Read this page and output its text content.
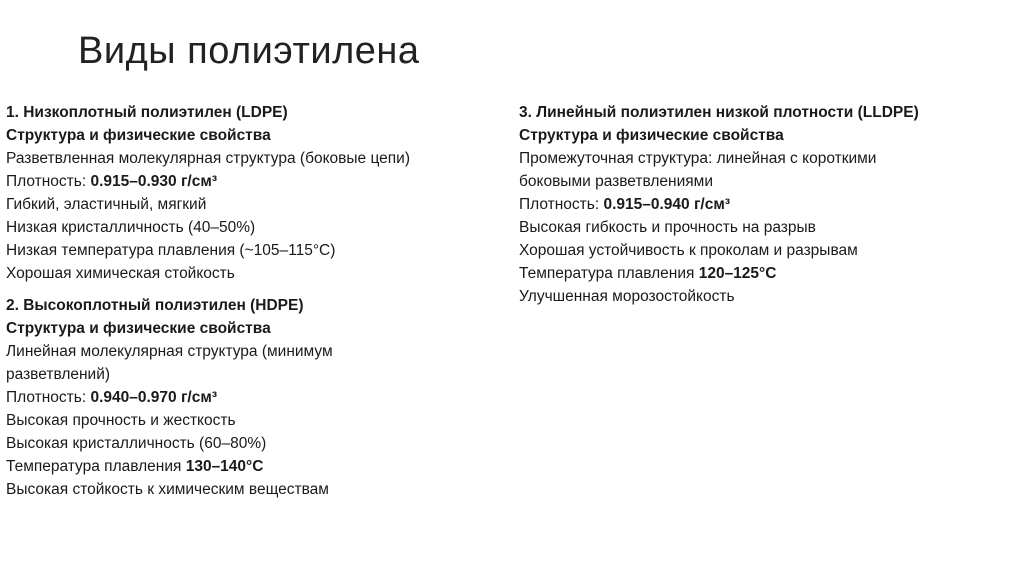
Виды полиэтилена
1. Низкоплотный полиэтилен (LDPE)
Структура и физические свойства
Разветвленная молекулярная структура (боковые цепи)
Плотность: 0.915–0.930 г/см³
Гибкий, эластичный, мягкий
Низкая кристалличность (40–50%)
Низкая температура плавления (~105–115°C)
Хорошая химическая стойкость
2. Высокоплотный полиэтилен (HDPE)
Структура и физические свойства
Линейная молекулярная структура (минимум
разветвлений)
Плотность: 0.940–0.970 г/см³
Высокая прочность и жесткость
Высокая кристалличность (60–80%)
Температура плавления 130–140°C
Высокая стойкость к химическим веществам
3. Линейный полиэтилен низкой плотности (LLDPE)
Структура и физические свойства
Промежуточная структура: линейная с короткими
боковыми разветвлениями
Плотность: 0.915–0.940 г/см³
Высокая гибкость и прочность на разрыв
Хорошая устойчивость к проколам и разрывам
Температура плавления 120–125°C
Улучшенная морозостойкость
